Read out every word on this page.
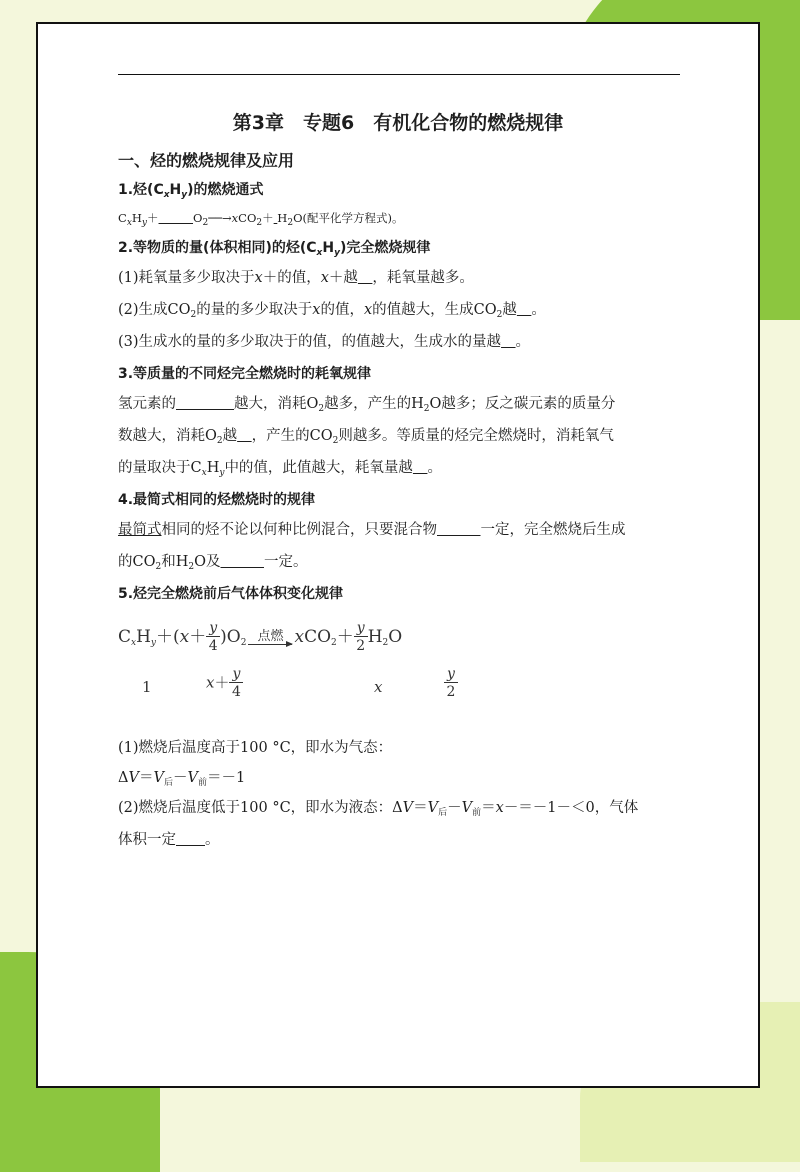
第3章　专题6　有机化合物的燃烧规律
一、烃的燃烧规律及应用
1.烃$(C_xH_y)$的燃烧通式
$C_xH_y+$　　　	$O_2──\to xCO_2+ H_2O$(配平化学方程式)。
2.等物质的量(体积相同)的烃$(C_xH_y)$完全燃烧规律
(1)耗氧量多少取决于x＋的值，x＋越　 ，耗氧量越多。
(2)生成$CO_2$的量的多少取决于x的值，x的值越大，生成$CO_2$越　 。
(3)生成水的量的多少取决于的值，的值越大，生成水的量越　 。
3.等质量的不同烃完全燃烧时的耗氧规律
氢元素的　　　　	越大，消耗$O_2$越多，产生的$H_2O$越多；反之碳元素的质量分
数越大，消耗$O_2$越　 ，产生的$CO_2$则越多。等质量的烃完全燃烧时，消耗氧气
的量取决于$C_xH_y$中的值，此值越大，耗氧量越　 。
4.最简式相同的烃燃烧时的规律
最简式相同的烃不论以何种比例混合，只要混合物　　　	一定，完全燃烧后生成
的$CO_2$和$H_2O$及　　　	一定。
5.烃完全燃烧前后气体体积变化规律
$C_xH_y+(x+ \frac{y}{4} )O_2$ 点燃 $xCO_2+ \frac{y}{2} H_2O$
1	$x+ \frac{y}{4}$	x	$\frac{y}{2}$
(1)燃烧后温度高于100 °C，即水为气态：
$\Delta V=V_后-V_前=-1$
(2)燃烧后温度低于100 °C，即水为液态：$\Delta V=V_后-V_前=x-=-1-<0$，气体
体积一定　　 。
